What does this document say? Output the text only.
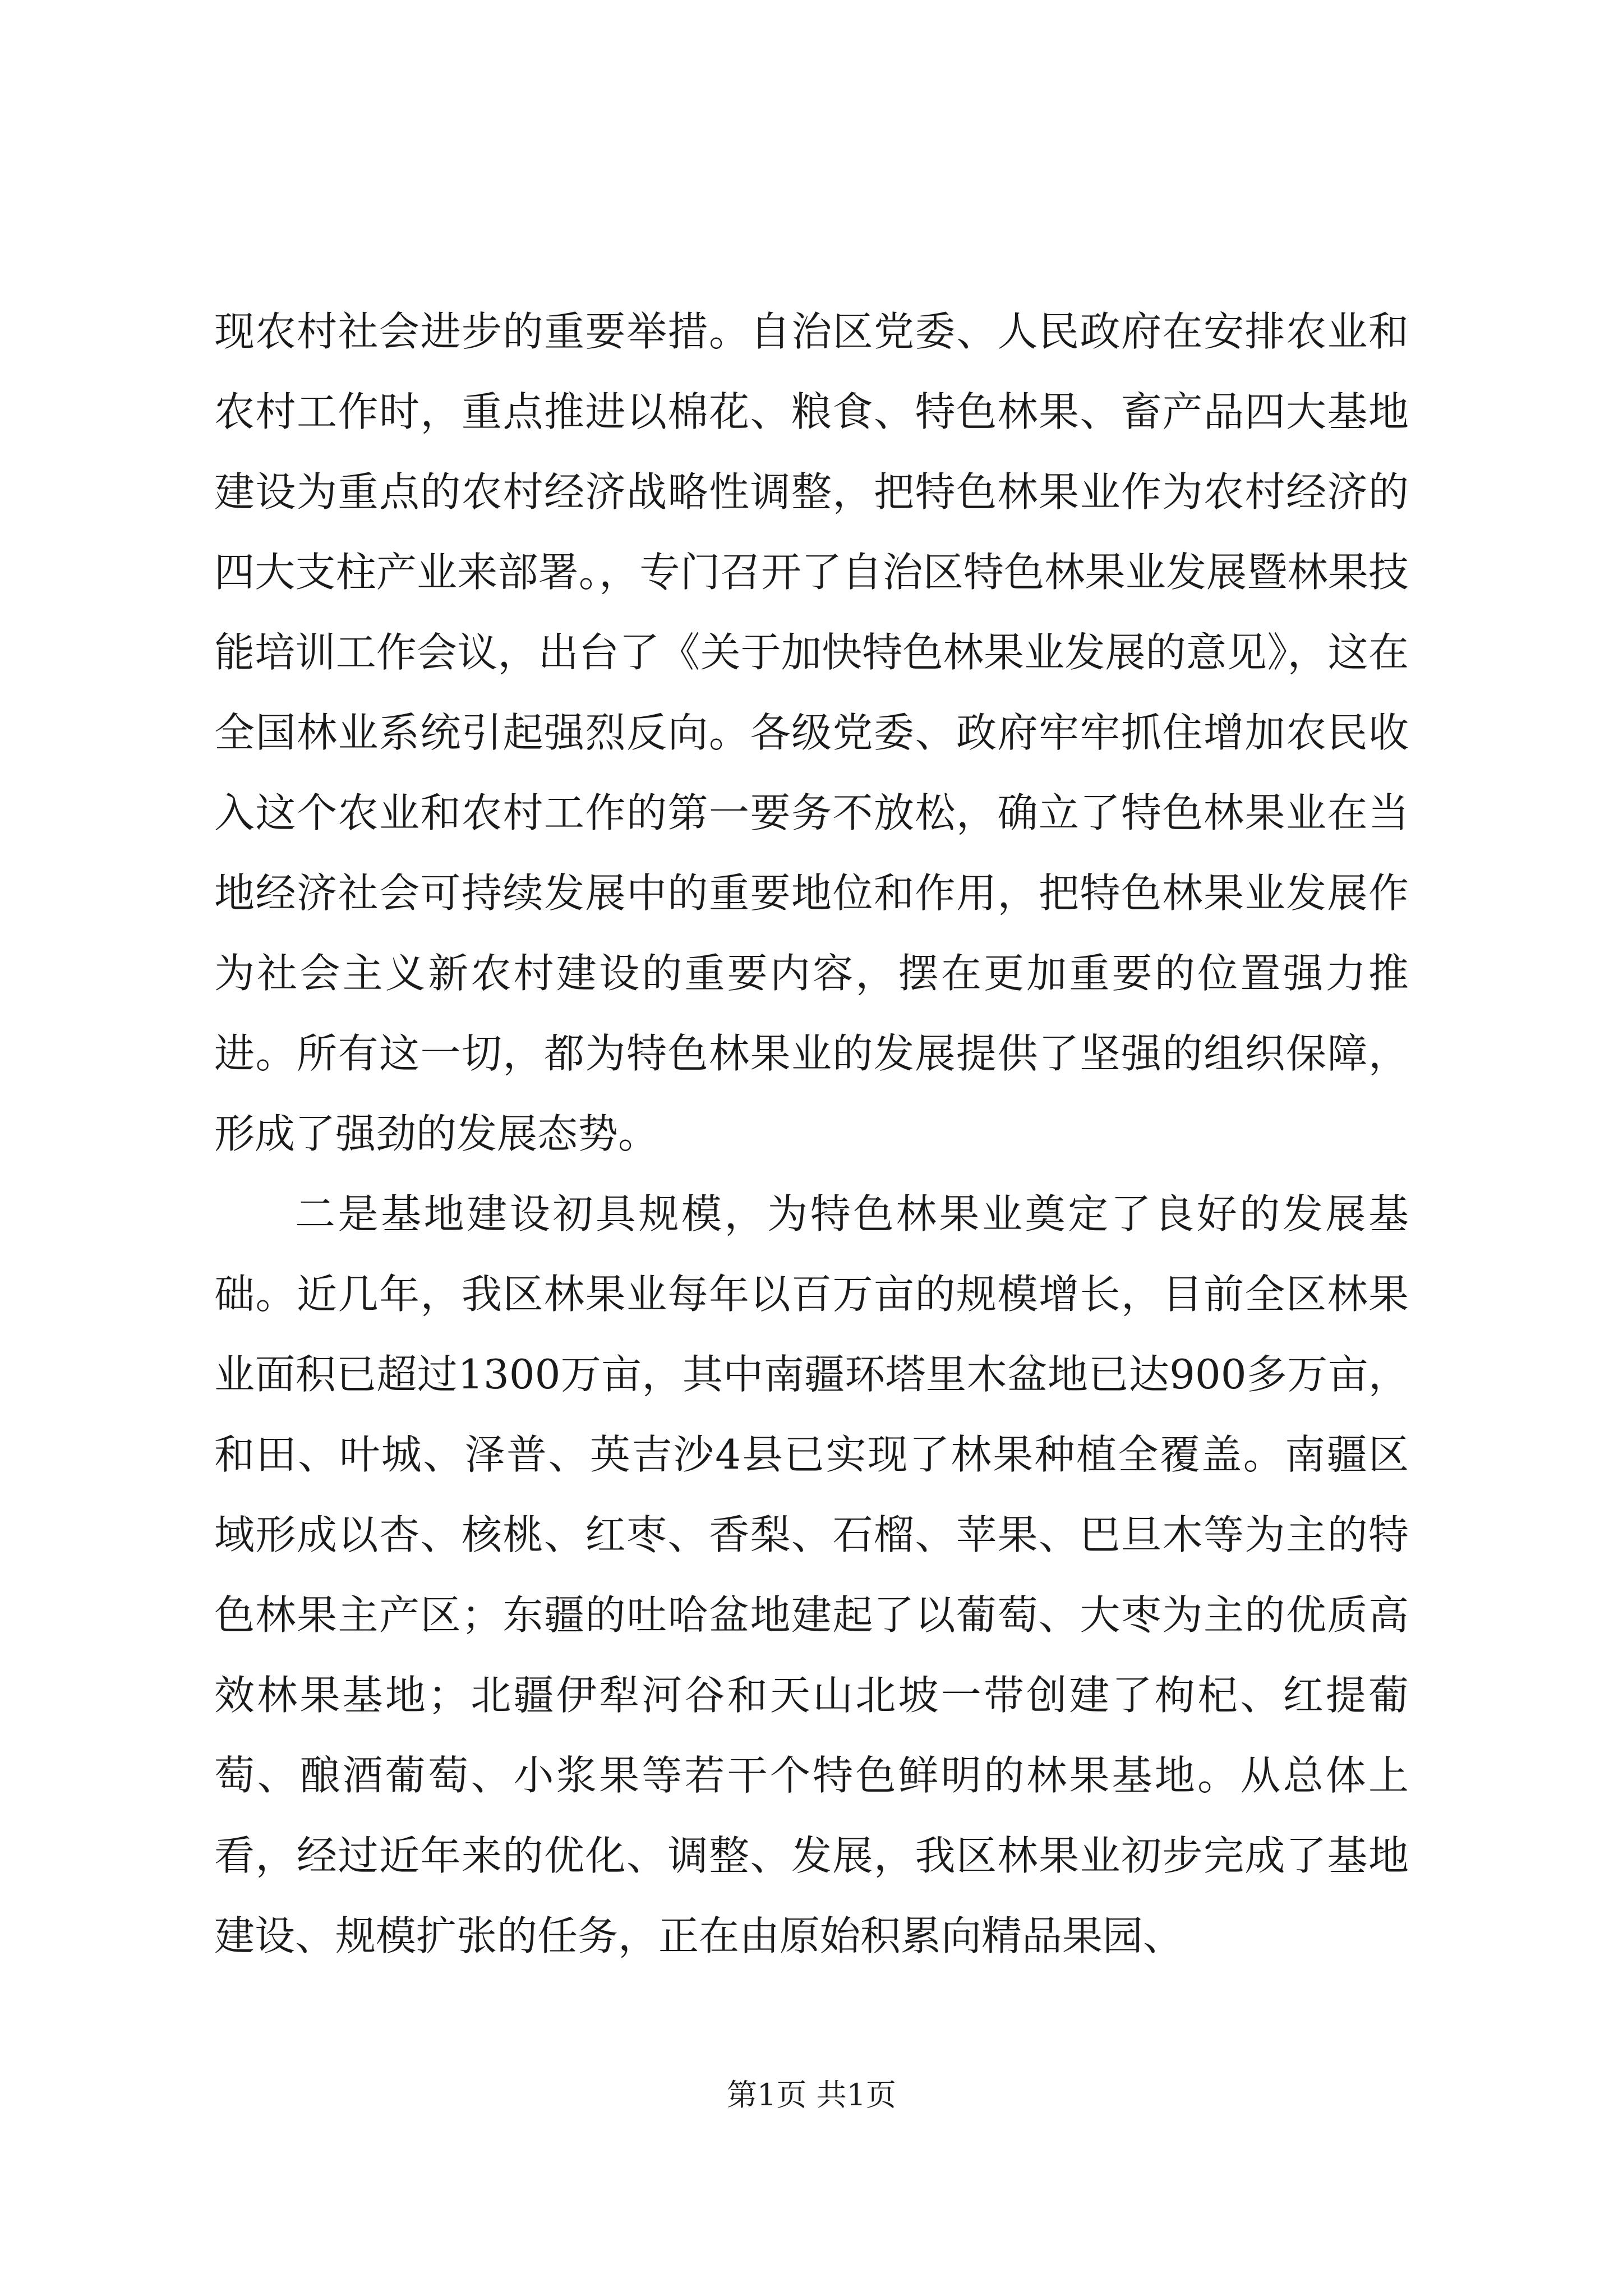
现农村社会进步的重要举措。自治区党委、人民政府在安排农业和农村工作时，重点推进以棉花、粮食、特色林果、畜产品四大基地建设为重点的农村经济战略性调整，把特色林果业作为农村经济的四大支柱产业来部署。，专门召开了自治区特色林果业发展暨林果技能培训工作会议，出台了《关于加快特色林果业发展的意见》，这在全国林业系统引起强烈反向。各级党委、政府牢牢抓住增加农民收入这个农业和农村工作的第一要务不放松，确立了特色林果业在当地经济社会可持续发展中的重要地位和作用，把特色林果业发展作为社会主义新农村建设的重要内容，摆在更加重要的位置强力推进。所有这一切，都为特色林果业的发展提供了坚强的组织保障，形成了强劲的发展态势。

二是基地建设初具规模，为特色林果业奠定了良好的发展基础。近几年，我区林果业每年以百万亩的规模增长，目前全区林果业面积已超过1300万亩，其中南疆环塔里木盆地已达900多万亩，和田、叶城、泽普、英吉沙4县已实现了林果种植全覆盖。南疆区域形成以杏、核桃、红枣、香梨、石榴、苹果、巴旦木等为主的特色林果主产区；东疆的吐哈盆地建起了以葡萄、大枣为主的优质高效林果基地；北疆伊犁河谷和天山北坡一带创建了枸杞、红提葡萄、酿酒葡萄、小浆果等若干个特色鲜明的林果基地。从总体上看，经过近年来的优化、调整、发展，我区林果业初步完成了基地建设、规模扩张的任务，正在由原始积累向精品果园、

第1页 共1页
